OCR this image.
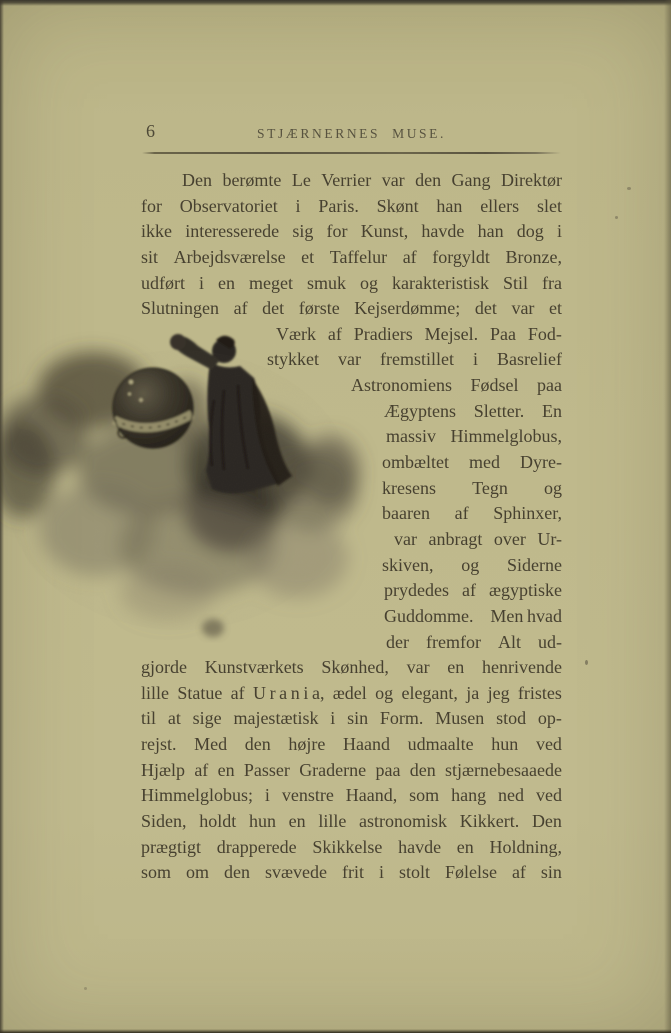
6	STJÆRNERNES MUSE.
Den berømte Le Verrier var den Gang Direktør
for Observatoriet i Paris. Skønt han ellers slet
ikke interesserede sig for Kunst, havde han dog i
sit Arbejdsværelse et Taffelur af forgyldt Bronze,
udført i en meget smuk og karakteristisk Stil fra
Slutningen af det første Kejserdømme; det var et
Værk af Pradiers Mejsel. Paa Fod-
stykket var fremstillet i Basrelief
Astronomiens Fødsel paa
Ægyptens Sletter. En
massiv Himmelglobus,
ombæltet med Dyre-
kresens Tegn og
baaren af Sphinxer,
var anbragt over Ur-
skiven, og Siderne
prydedes af ægyptiske
Guddomme. Men hvad
der fremfor Alt ud-
gjorde Kunstværkets Skønhed, var en henrivende
lille Statue af U r a n i a, ædel og elegant, ja jeg fristes
til at sige majestætisk i sin Form. Musen stod op-
rejst. Med den højre Haand udmaalte hun ved
Hjælp af en Passer Graderne paa den stjærnebesaaede
Himmelglobus; i venstre Haand, som hang ned ved
Siden, holdt hun en lille astronomisk Kikkert. Den
prægtigt drapperede Skikkelse havde en Holdning,
som om den svævede frit i stolt Følelse af sin
